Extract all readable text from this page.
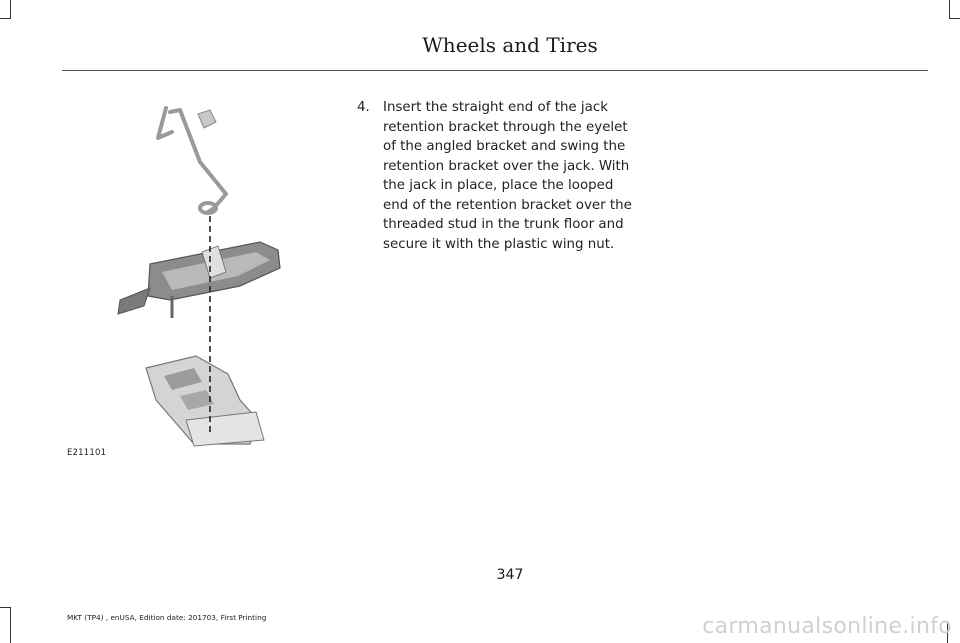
Wheels and Tires
E211101
4. Insert the straight end of the jack retention bracket through the eyelet of the angled bracket and swing the retention bracket over the jack. With the jack in place, place the looped end of the retention bracket over the threaded stud in the trunk floor and secure it with the plastic wing nut.
347
MKT (TP4) , enUSA, Edition date: 201703, First Printing	carmanualsonline.info
